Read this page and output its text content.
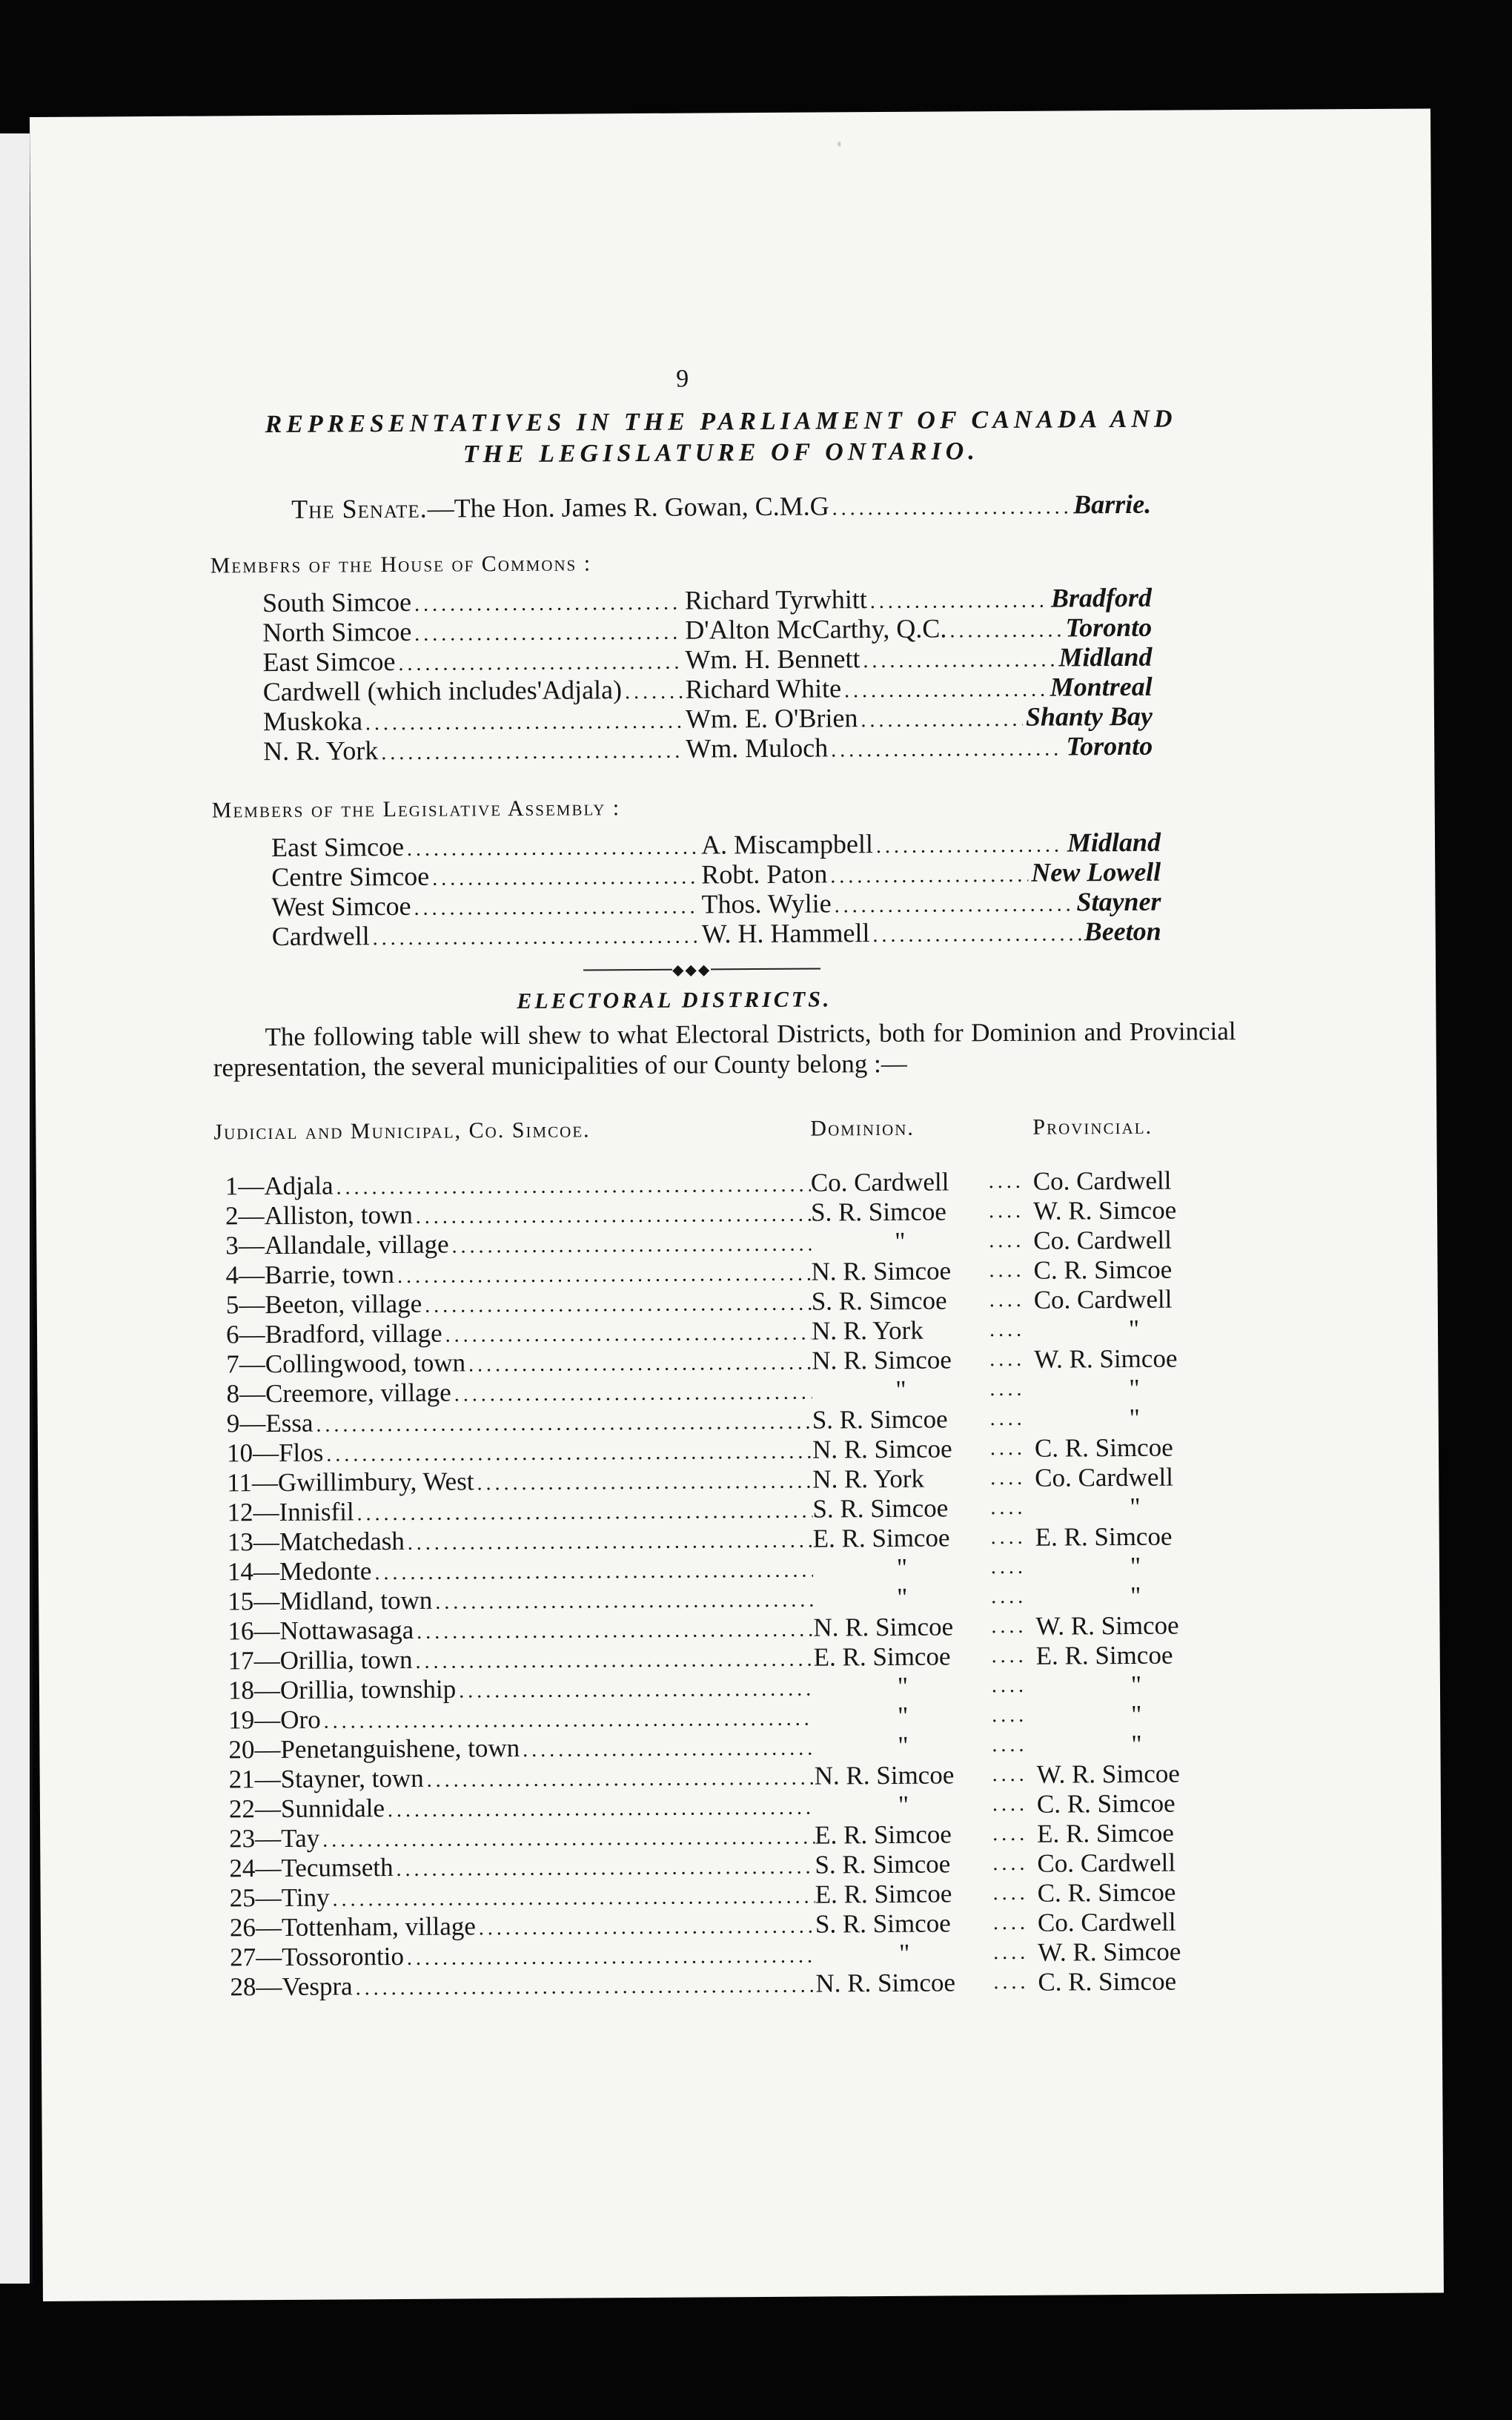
9
REPRESENTATIVES IN THE PARLIAMENT OF CANADA AND
THE LEGISLATURE OF ONTARIO.
The Senate. —The Hon. James R. Gowan, C.M.G . . .	Barrie.
Membfrs of the House of Commons :
South Simcoe . . .	Richard Tyrwhitt . . .	Bradford
North Simcoe . . .	D'Alton McCarthy, Q.C. . . .	Toronto
East Simcoe . . .	Wm. H. Bennett . . .	Midland
Cardwell (which includes'Adjala) . . . Richard White . . .	Montreal
Muskoka . . .	Wm. E. O'Brien . . .	Shanty Bay
N. R. York . . .	Wm. Muloch . . .	Toronto
Members of the Legislative Assembly :
East Simcoe . . .	A. Miscampbell . . .	Midland
Centre Simcoe . . .	Robt. Paton . . .	New Lowell
West Simcoe . . .	Thos. Wylie . . .	Stayner
Cardwell . . .	W. H. Hammell . . .	Beeton
◆◆◆
ELECTORAL DISTRICTS.
The following table will shew to what Electoral Districts, both for Dominion and Provincial representation, the several municipalities of our County belong :—
Judicial and Municipal, Co. Simcoe.	Dominion.	Provincial.
1—Adjala . . .	Co. Cardwell	. . . . Co. Cardwell
2—Alliston, town . . .	S. R. Simcoe	. . . . W. R. Simcoe
3—Allandale, village . . .	"	. . . . Co. Cardwell
4—Barrie, town . . .	N. R. Simcoe	. . . . C. R. Simcoe
5—Beeton, village . . .	S. R. Simcoe	. . . . Co. Cardwell
6—Bradford, village . . .	N. R. York	. . . .	"
7—Collingwood, town . . .	N. R. Simcoe	. . . . W. R. Simcoe
8—Creemore, village . . .	"	. . . .	"
9—Essa . . .	S. R. Simcoe	. . . .	"
10—Flos . . .	N. R. Simcoe	. . . . C. R. Simcoe
11—Gwillimbury, West . . .	N. R. York	. . . . Co. Cardwell
12—Innisfil . . .	S. R. Simcoe	. . . .	"
13—Matchedash . . .	E. R. Simcoe	. . . . E. R. Simcoe
14—Medonte . . .	"	. . . .	"
15—Midland, town . . .	"	. . . .	"
16—Nottawasaga . . .	N. R. Simcoe	. . . . W. R. Simcoe
17—Orillia, town . . .	E. R. Simcoe	. . . . E. R. Simcoe
18—Orillia, township . . .	"	. . . .	"
19—Oro . . .	"	. . . .	"
20—Penetanguishene, town . . .	"	. . . .	"
21—Stayner, town . . .	N. R. Simcoe	. . . . W. R. Simcoe
22—Sunnidale . . .	"	. . . . C. R. Simcoe
23—Tay . . .	E. R. Simcoe	. . . . E. R. Simcoe
24—Tecumseth . . .	S. R. Simcoe	. . . . Co. Cardwell
25—Tiny . . .	E. R. Simcoe	. . . . C. R. Simcoe
26—Tottenham, village . . .	S. R. Simcoe	. . . . Co. Cardwell
27—Tossorontio . . .	"	. . . . W. R. Simcoe
28—Vespra . . .	N. R. Simcoe	. . . . C. R. Simcoe
